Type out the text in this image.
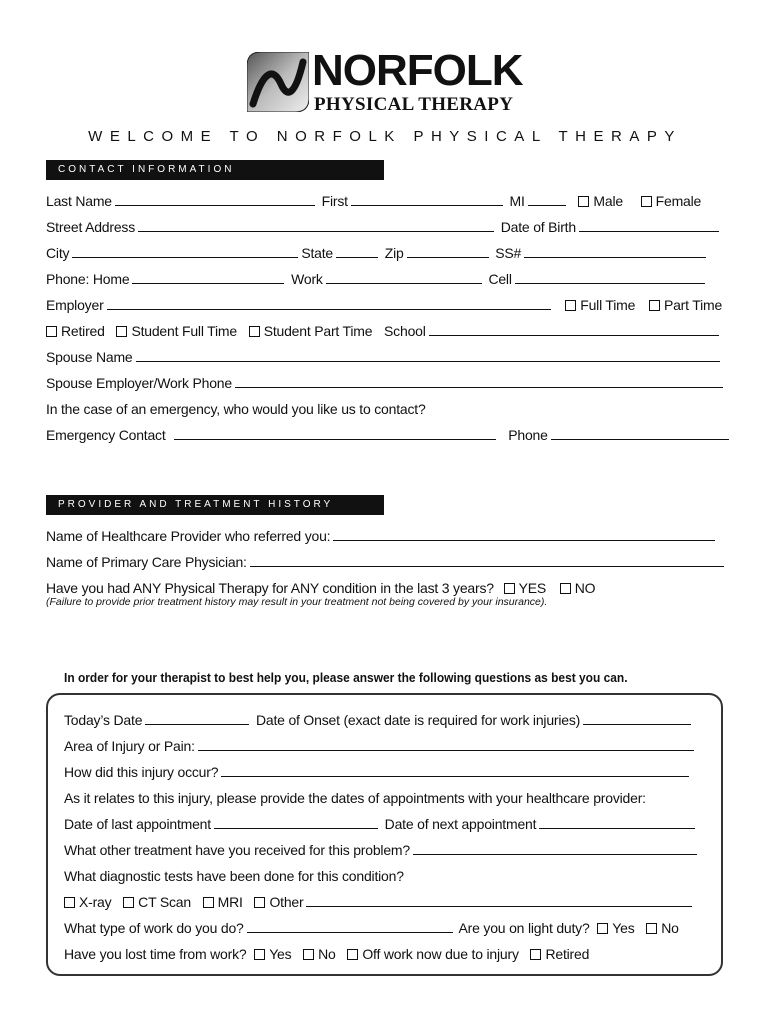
NORFOLK
PHYSICAL THERAPY
WELCOME TO NORFOLK PHYSICAL THERAPY
CONTACT INFORMATION
Last Name	First	MI	Male Female
Street Address	Date of Birth
City	State	Zip	SS#
Phone: Home	Work	Cell
Employer	Full Time Part Time
Retired Student Full Time Student Part Time School
Spouse Name
Spouse Employer/Work Phone
In the case of an emergency, who would you like us to contact?
Emergency Contact	Phone
PROVIDER AND TREATMENT HISTORY
Name of Healthcare Provider who referred you:
Name of Primary Care Physician:
Have you had ANY Physical Therapy for ANY condition in the last 3 years? YES NO
(Failure to provide prior treatment history may result in your treatment not being covered by your insurance).
In order for your therapist to best help you, please answer the following questions as best you can.
Today’s Date	Date of Onset (exact date is required for work injuries)
Area of Injury or Pain:
How did this injury occur?
As it relates to this injury, please provide the dates of appointments with your healthcare provider:
Date of last appointment	Date of next appointment
What other treatment have you received for this problem?
What diagnostic tests have been done for this condition?
X-ray CT Scan MRI Other
What type of work do you do?	Are you on light duty? Yes No
Have you lost time from work? Yes No Off work now due to injury Retired
